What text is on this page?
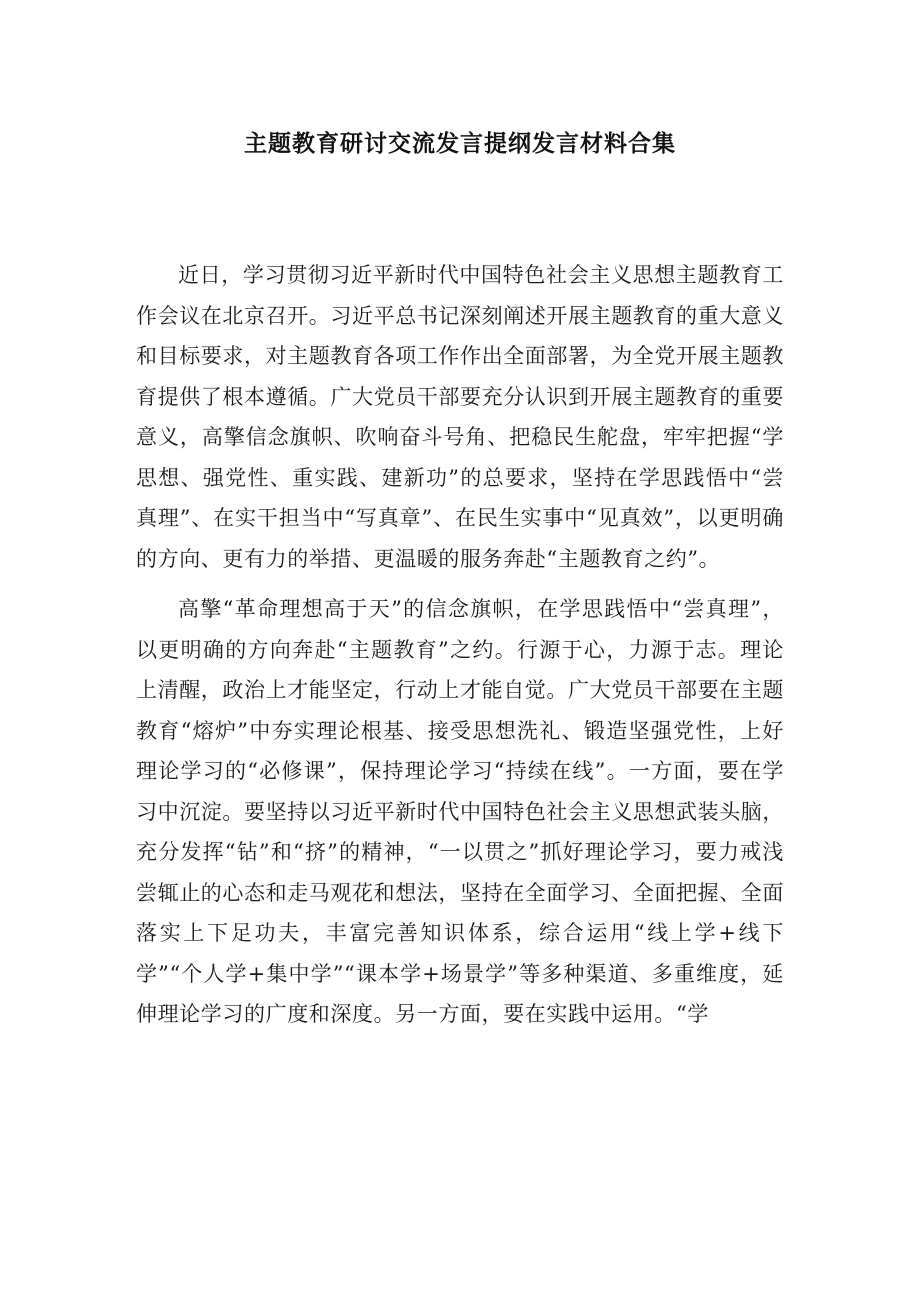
主题教育研讨交流发言提纲发言材料合集

近日，学习贯彻习近平新时代中国特色社会主义思想主题教育工作会议在北京召开。习近平总书记深刻阐述开展主题教育的重大意义和目标要求，对主题教育各项工作作出全面部署，为全党开展主题教育提供了根本遵循。广大党员干部要充分认识到开展主题教育的重要意义，高擎信念旗帜、吹响奋斗号角、把稳民生舵盘，牢牢把握“学思想、强党性、重实践、建新功”的总要求，坚持在学思践悟中“尝真理”、在实干担当中“写真章”、在民生实事中“见真效”，以更明确的方向、更有力的举措、更温暖的服务奔赴“主题教育之约”。

高擎“革命理想高于天”的信念旗帜，在学思践悟中“尝真理”，以更明确的方向奔赴“主题教育”之约。行源于心，力源于志。理论上清醒，政治上才能坚定，行动上才能自觉。广大党员干部要在主题教育“熔炉”中夯实理论根基、接受思想洗礼、锻造坚强党性，上好理论学习的“必修课”，保持理论学习“持续在线”。一方面，要在学习中沉淀。要坚持以习近平新时代中国特色社会主义思想武装头脑，充分发挥“钻”和“挤”的精神，“一以贯之”抓好理论学习，要力戒浅尝辄止的心态和走马观花和想法，坚持在全面学习、全面把握、全面落实上下足功夫，丰富完善知识体系，综合运用“线上学+线下学”“个人学+集中学”“课本学+场景学”等多种渠道、多重维度，延伸理论学习的广度和深度。另一方面，要在实践中运用。“学
